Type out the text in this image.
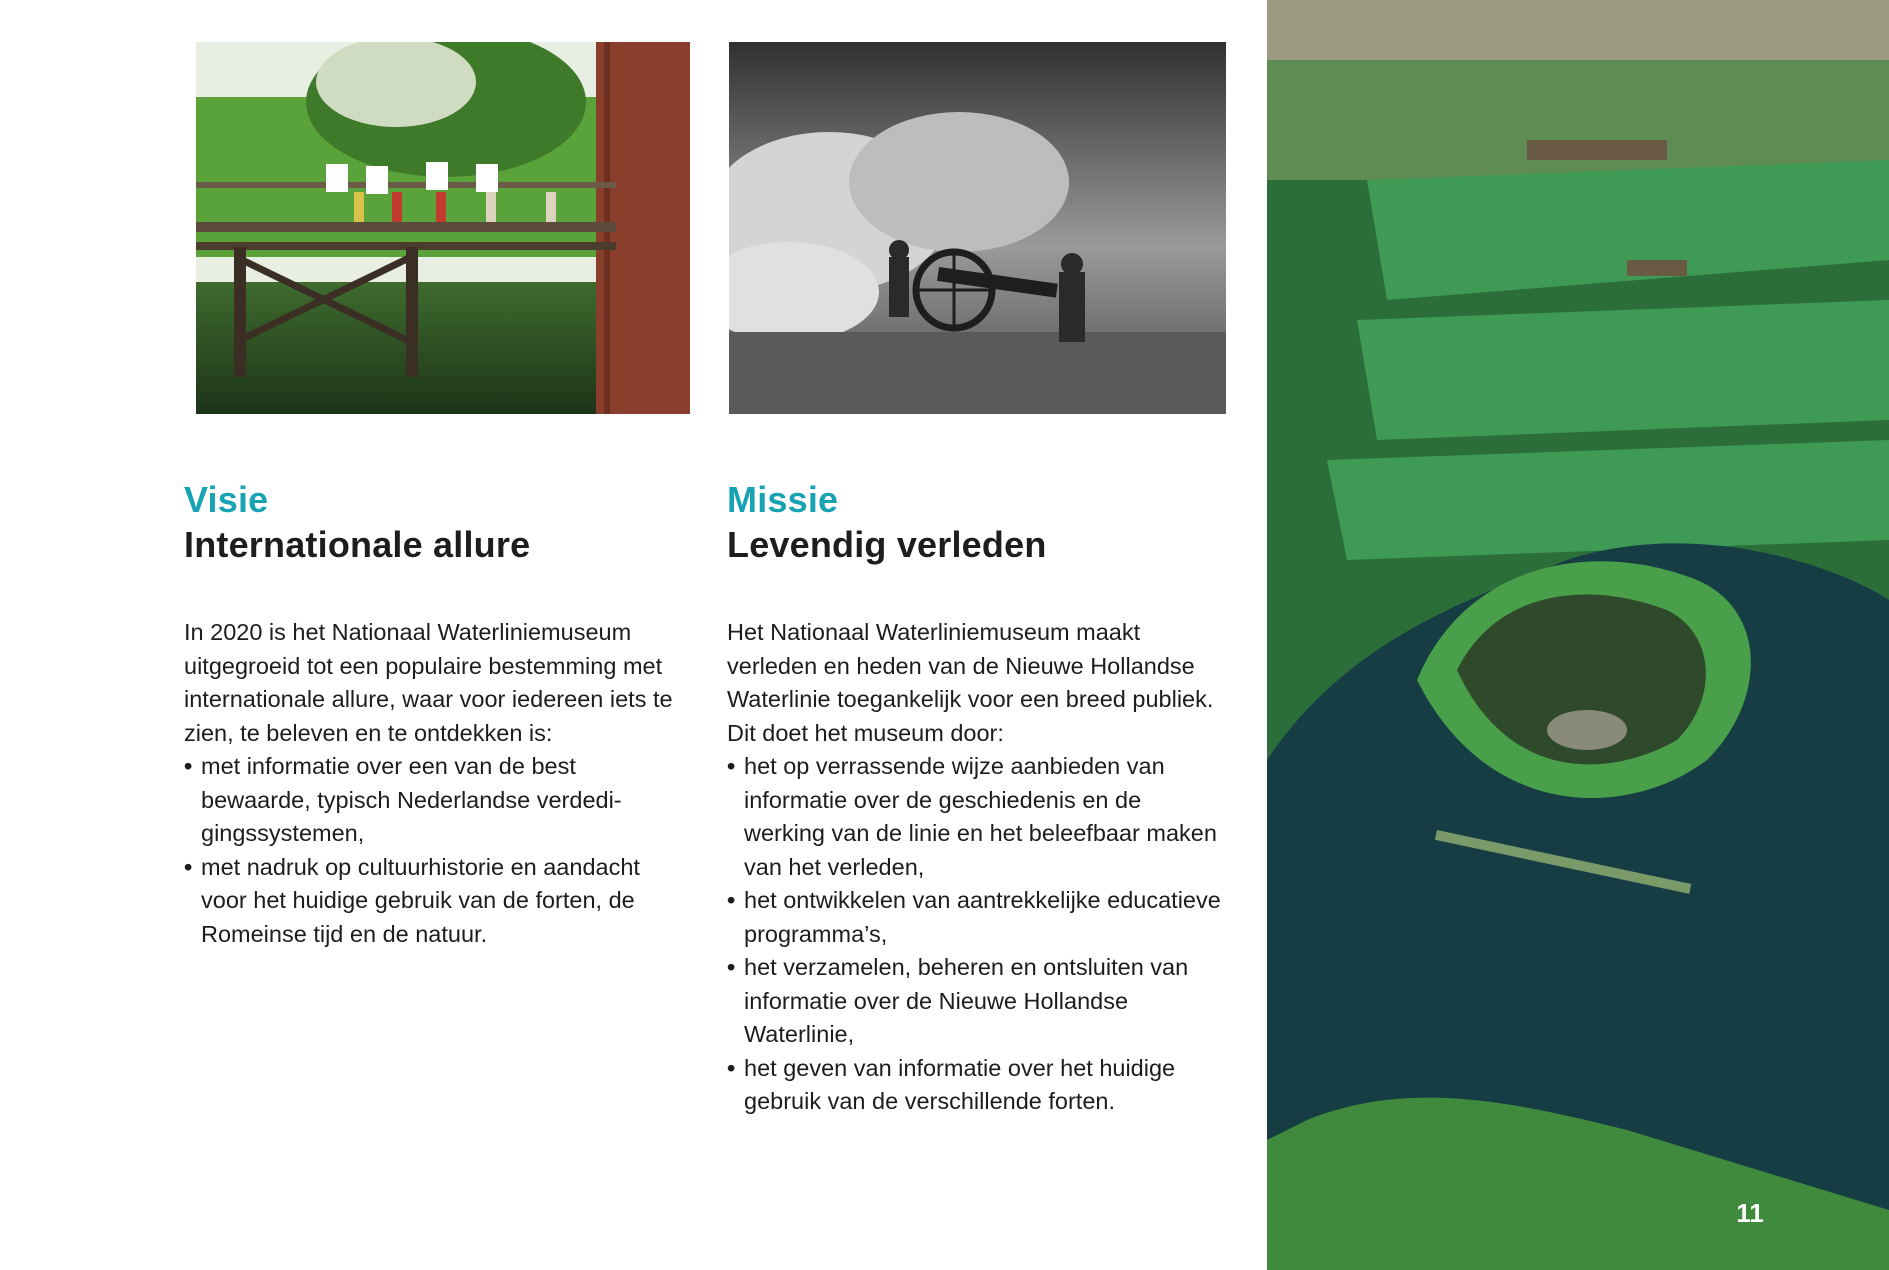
Visie
Internationale allure
In 2020 is het Nationaal Waterliniemuseum uitgegroeid tot een populaire bestemming met internationale allure, waar voor iedereen iets te zien, te beleven en te ontdekken is:
• met informatie over een van de best bewaarde, typisch Nederlandse verdedi-gingssystemen,
• met nadruk op cultuurhistorie en aandacht voor het huidige gebruik van de forten, de Romeinse tijd en de natuur.
Missie
Levendig verleden
Het Nationaal Waterliniemuseum maakt verleden en heden van de Nieuwe Hollandse Waterlinie toegankelijk voor een breed publiek. Dit doet het museum door:
• het op verrassende wijze aanbieden van informatie over de geschiedenis en de werking van de linie en het beleefbaar maken van het verleden,
• het ontwikkelen van aantrekkelijke educatieve programma’s,
• het verzamelen, beheren en ontsluiten van informatie over de Nieuwe Hollandse Waterlinie,
• het geven van informatie over het huidige gebruik van de verschillende forten.
11
